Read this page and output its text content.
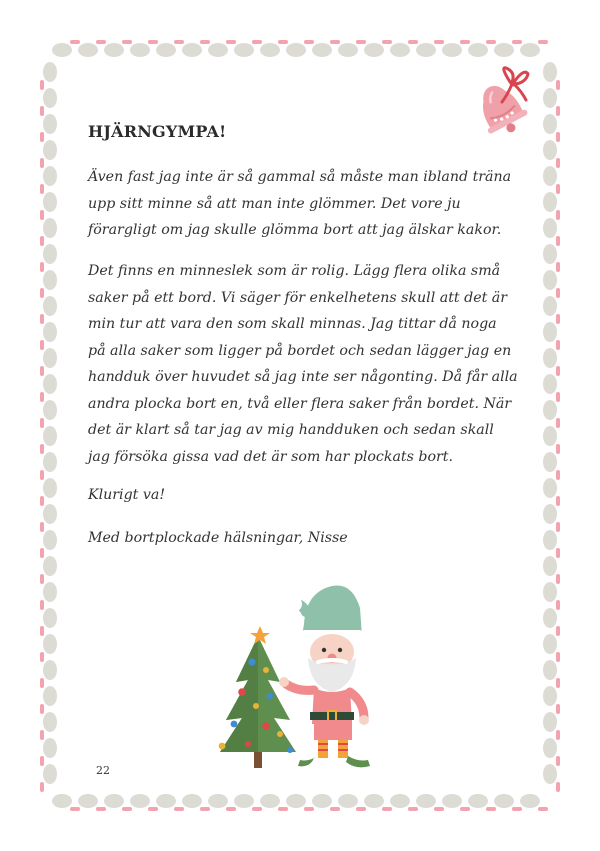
HJÄRNGYMPA!

Även fast jag inte är så gammal så måste man ibland träna upp sitt minne så att man inte glömmer. Det vore ju förargligt om jag skulle glömma bort att jag älskar kakor.

Det finns en minneslek som är rolig. Lägg flera olika små saker på ett bord. Vi säger för enkelhetens skull att det är min tur att vara den som skall minnas. Jag tittar då noga på alla saker som ligger på bordet och sedan lägger jag en handduk över huvudet så jag inte ser någonting. Då får alla andra plocka bort en, två eller flera saker från bordet. När det är klart så tar jag av mig handduken och sedan skall jag försöka gissa vad det är som har plockats bort.

Klurigt va!

Med bortplockade hälsningar, Nisse

22
